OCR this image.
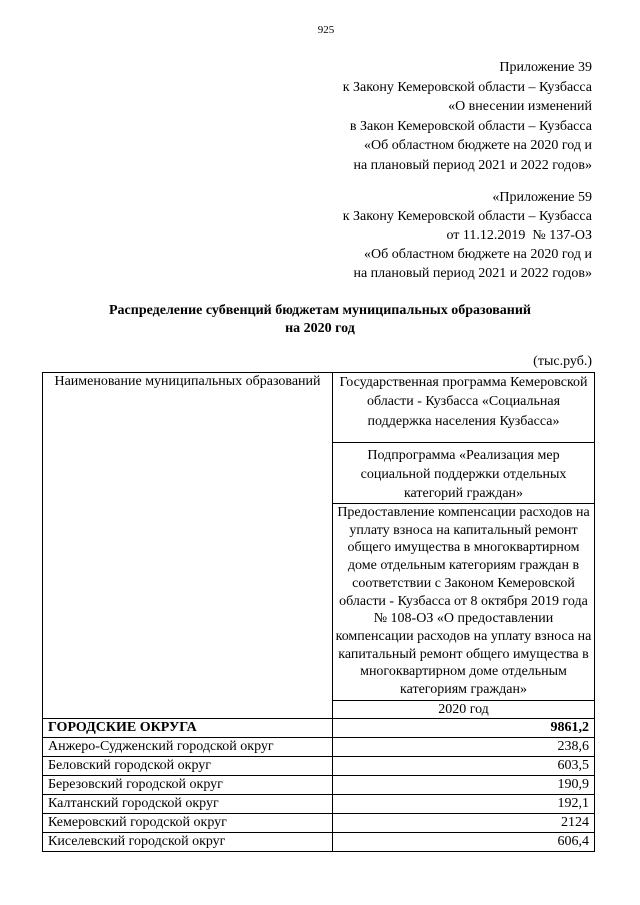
925
Приложение 39
к Закону Кемеровской области – Кузбасса
«О внесении изменений
в Закон Кемеровской области – Кузбасса
«Об областном бюджете на 2020 год и
на плановый период 2021 и 2022 годов»
«Приложение 59
к Закону Кемеровской области – Кузбасса
от 11.12.2019  № 137-ОЗ
«Об областном бюджете на 2020 год и
на плановый период 2021 и 2022 годов»
Распределение субвенций бюджетам муниципальных образований
на 2020 год
(тыс.руб.)
Наименование муниципальных образований	Государственная программа Кемеровской
области - Кузбасса «Социальная
поддержка населения Кузбасса»
Подпрограмма «Реализация мер
социальной поддержки отдельных
категорий граждан»
Предоставление компенсации расходов на
уплату взноса на капитальный ремонт
общего имущества в многоквартирном
доме отдельным категориям граждан в
соответствии с Законом Кемеровской
области - Кузбасса от 8 октября 2019 года
№ 108-ОЗ «О предоставлении
компенсации расходов на уплату взноса на
капитальный ремонт общего имущества в
многоквартирном доме отдельным
категориям граждан»
2020 год
ГОРОДСКИЕ ОКРУГА	9861,2
Анжеро-Судженский городской округ	238,6
Беловский городской округ	603,5
Березовский городской округ	190,9
Калтанский городской округ	192,1
Кемеровский городской округ	2124
Киселевский городской округ	606,4
